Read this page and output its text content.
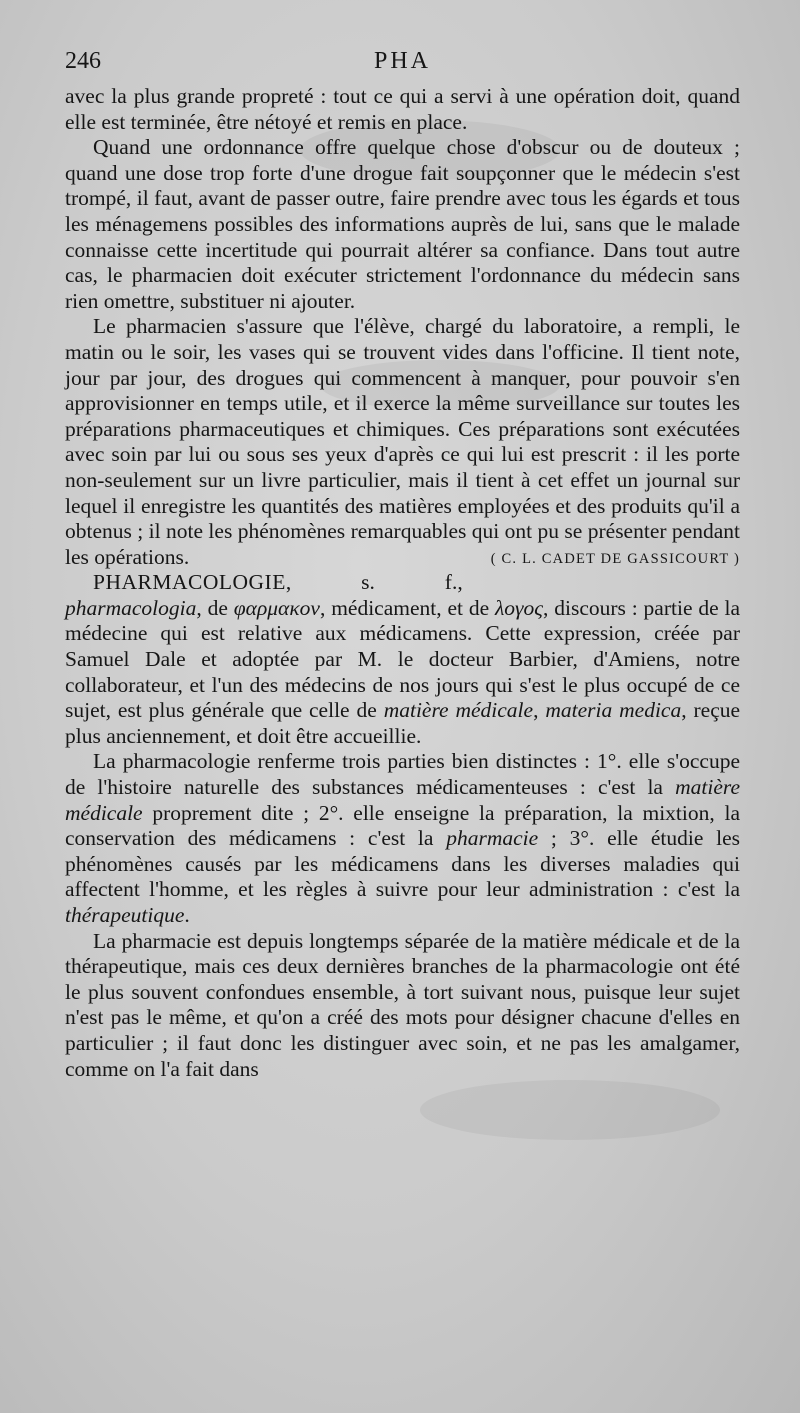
246	PHA

avec la plus grande propreté : tout ce qui a servi à une opération doit, quand elle est terminée, être nétoyé et remis en place.

Quand une ordonnance offre quelque chose d'obscur ou de douteux ; quand une dose trop forte d'une drogue fait soupçonner que le médecin s'est trompé, il faut, avant de passer outre, faire prendre avec tous les égards et tous les ménagemens possibles des informations auprès de lui, sans que le malade connaisse cette incertitude qui pourrait altérer sa confiance. Dans tout autre cas, le pharmacien doit exécuter strictement l'ordonnance du médecin sans rien omettre, substituer ni ajouter.

Le pharmacien s'assure que l'élève, chargé du laboratoire, a rempli, le matin ou le soir, les vases qui se trouvent vides dans l'officine. Il tient note, jour par jour, des drogues qui commencent à manquer, pour pouvoir s'en approvisionner en temps utile, et il exerce la même surveillance sur toutes les préparations pharmaceutiques et chimiques. Ces préparations sont exécutées avec soin par lui ou sous ses yeux d'après ce qui lui est prescrit : il les porte non-seulement sur un livre particulier, mais il tient à cet effet un journal sur lequel il enregistre les quantités des matières employées et des produits qu'il a obtenus ; il note les phénomènes remarquables qui ont pu se présenter pendant les opérations.	( C. L. CADET DE GASSICOURT )

PHARMACOLOGIE, s. f., pharmacologia, de φαρμακον, médicament, et de λογος, discours : partie de la médecine qui est relative aux médicamens. Cette expression, créée par Samuel Dale et adoptée par M. le docteur Barbier, d'Amiens, notre collaborateur, et l'un des médecins de nos jours qui s'est le plus occupé de ce sujet, est plus générale que celle de matière médicale, materia medica, reçue plus anciennement, et doit être accueillie.

La pharmacologie renferme trois parties bien distinctes : 1°. elle s'occupe de l'histoire naturelle des substances médicamenteuses : c'est la matière médicale proprement dite ; 2°. elle enseigne la préparation, la mixtion, la conservation des médicamens : c'est la pharmacie ; 3°. elle étudie les phénomènes causés par les médicamens dans les diverses maladies qui affectent l'homme, et les règles à suivre pour leur administration : c'est la thérapeutique.

La pharmacie est depuis longtemps séparée de la matière médicale et de la thérapeutique, mais ces deux dernières branches de la pharmacologie ont été le plus souvent confondues ensemble, à tort suivant nous, puisque leur sujet n'est pas le même, et qu'on a créé des mots pour désigner chacune d'elles en particulier ; il faut donc les distinguer avec soin, et ne pas les amalgamer, comme on l'a fait dans
